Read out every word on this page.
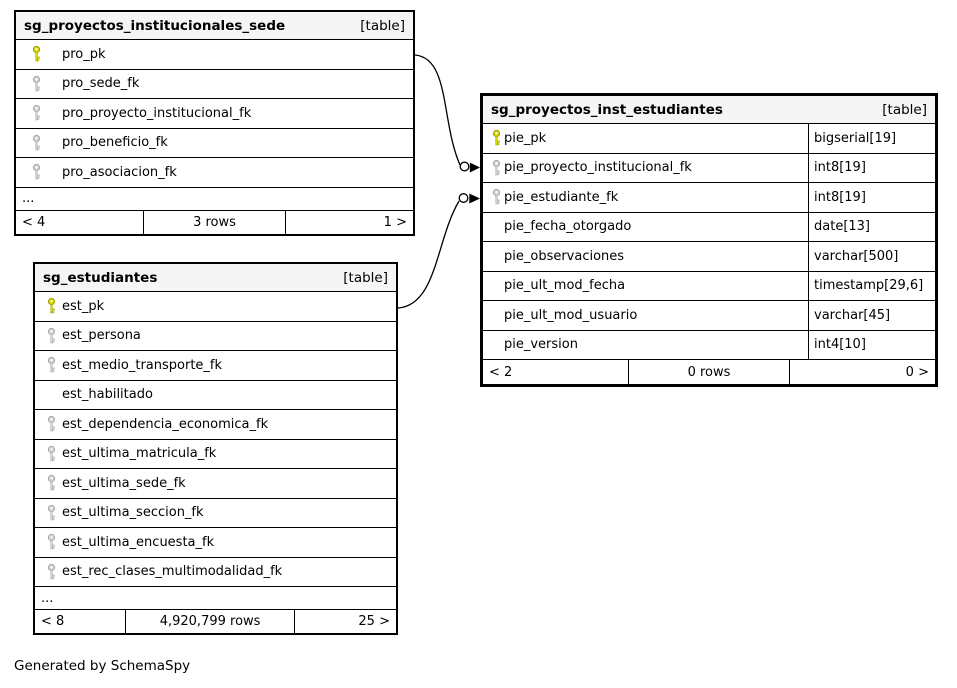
sg_proyectos_institucionales_sede	[table]
pro_pk
pro_sede_fk
pro_proyecto_institucional_fk
pro_beneficio_fk
pro_asociacion_fk
...
< 4	3 rows	1 >
sg_proyectos_inst_estudiantes	[table]
pie_pk	bigserial[19]
pie_proyecto_institucional_fk	int8[19]
pie_estudiante_fk	int8[19]
pie_fecha_otorgado	date[13]
pie_observaciones	varchar[500]
pie_ult_mod_fecha	timestamp[29,6]
pie_ult_mod_usuario	varchar[45]
pie_version	int4[10]
< 2	0 rows	0 >
sg_estudiantes	[table]
est_pk
est_persona
est_medio_transporte_fk
est_habilitado
est_dependencia_economica_fk
est_ultima_matricula_fk
est_ultima_sede_fk
est_ultima_seccion_fk
est_ultima_encuesta_fk
est_rec_clases_multimodalidad_fk
...
< 8	4,920,799 rows	25 >
Generated by SchemaSpy
